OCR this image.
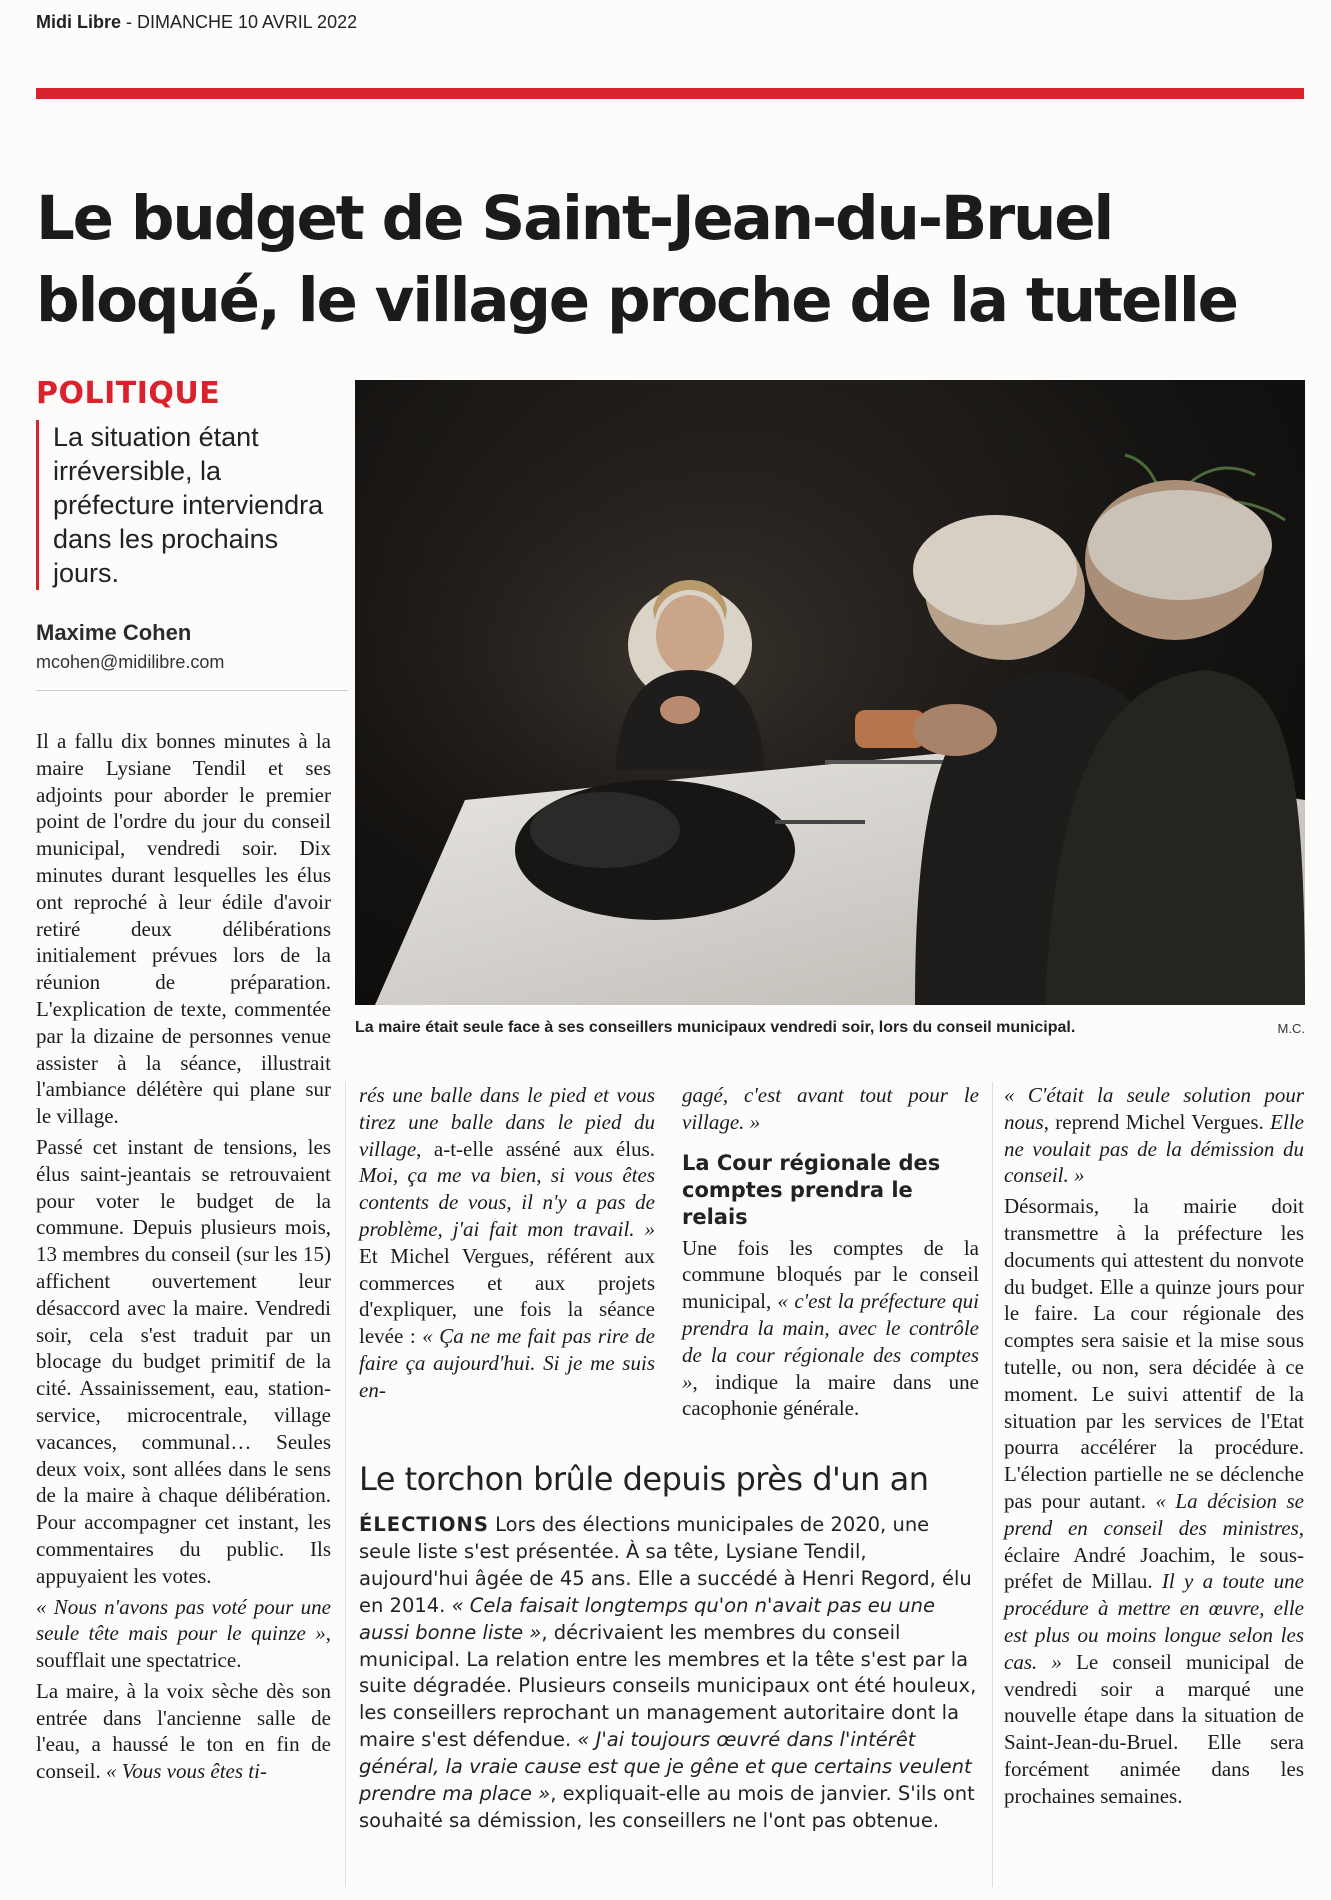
Midi Libre - DIMANCHE 10 AVRIL 2022
Le budget de Saint-Jean-du-Bruel
bloqué, le village proche de la tutelle
POLITIQUE
La situation étant irréversible, la préfecture interviendra dans les prochains jours.
Maxime Cohen
mcohen@midilibre.com
La maire était seule face à ses conseillers municipaux vendredi soir, lors du conseil municipal.	M.C.

Il a fallu dix bonnes minutes à la maire Lysiane Tendil et ses adjoints pour aborder le premier point de l'ordre du jour du conseil municipal, vendredi soir. Dix minutes durant lesquelles les élus ont reproché à leur édile d'avoir retiré deux délibérations initialement prévues lors de la réunion de préparation. L'explication de texte, commentée par la dizaine de personnes venue assister à la séance, illustrait l'ambiance délétère qui plane sur le village.

Passé cet instant de tensions, les élus saint-jeantais se retrouvaient pour voter le budget de la commune. Depuis plusieurs mois, 13 membres du conseil (sur les 15) affichent ouvertement leur désaccord avec la maire. Vendredi soir, cela s'est traduit par un blocage du budget primitif de la cité. Assainissement, eau, station-service, microcentrale, village vacances, communal… Seules deux voix, sont allées dans le sens de la maire à chaque délibération. Pour accompagner cet instant, les commentaires du public. Ils appuyaient les votes.

« Nous n'avons pas voté pour une seule tête mais pour le quinze », soufflait une spectatrice.

La maire, à la voix sèche dès son entrée dans l'ancienne salle de l'eau, a haussé le ton en fin de conseil. « Vous vous êtes ti-

rés une balle dans le pied et vous tirez une balle dans le pied du village, a-t-elle asséné aux élus. Moi, ça me va bien, si vous êtes contents de vous, il n'y a pas de problème, j'ai fait mon travail. » Et Michel Vergues, référent aux commerces et aux projets d'expliquer, une fois la séance levée : « Ça ne me fait pas rire de faire ça aujourd'hui. Si je me suis en-

gagé, c'est avant tout pour le village. »

La Cour régionale des comptes prendra le relais

Une fois les comptes de la commune bloqués par le conseil municipal, « c'est la préfecture qui prendra la main, avec le contrôle de la cour régionale des comptes », indique la maire dans une cacophonie générale.

« C'était la seule solution pour nous, reprend Michel Vergues. Elle ne voulait pas de la démission du conseil. »

Désormais, la mairie doit transmettre à la préfecture les documents qui attestent du nonvote du budget. Elle a quinze jours pour le faire. La cour régionale des comptes sera saisie et la mise sous tutelle, ou non, sera décidée à ce moment. Le suivi attentif de la situation par les services de l'Etat pourra accélérer la procédure. L'élection partielle ne se déclenche pas pour autant. « La décision se prend en conseil des ministres, éclaire André Joachim, le sous-préfet de Millau. Il y a toute une procédure à mettre en œuvre, elle est plus ou moins longue selon les cas. » Le conseil municipal de vendredi soir a marqué une nouvelle étape dans la situation de Saint-Jean-du-Bruel. Elle sera forcément animée dans les prochaines semaines.

Le torchon brûle depuis près d'un an
ÉLECTIONS Lors des élections municipales de 2020, une seule liste s'est présentée. À sa tête, Lysiane Tendil, aujourd'hui âgée de 45 ans. Elle a succédé à Henri Regord, élu en 2014. « Cela faisait longtemps qu'on n'avait pas eu une aussi bonne liste », décrivaient les membres du conseil municipal. La relation entre les membres et la tête s'est par la suite dégradée. Plusieurs conseils municipaux ont été houleux, les conseillers reprochant un management autoritaire dont la maire s'est défendue. « J'ai toujours œuvré dans l'intérêt général, la vraie cause est que je gêne et que certains veulent prendre ma place », expliquait-elle au mois de janvier. S'ils ont souhaité sa démission, les conseillers ne l'ont pas obtenue.
